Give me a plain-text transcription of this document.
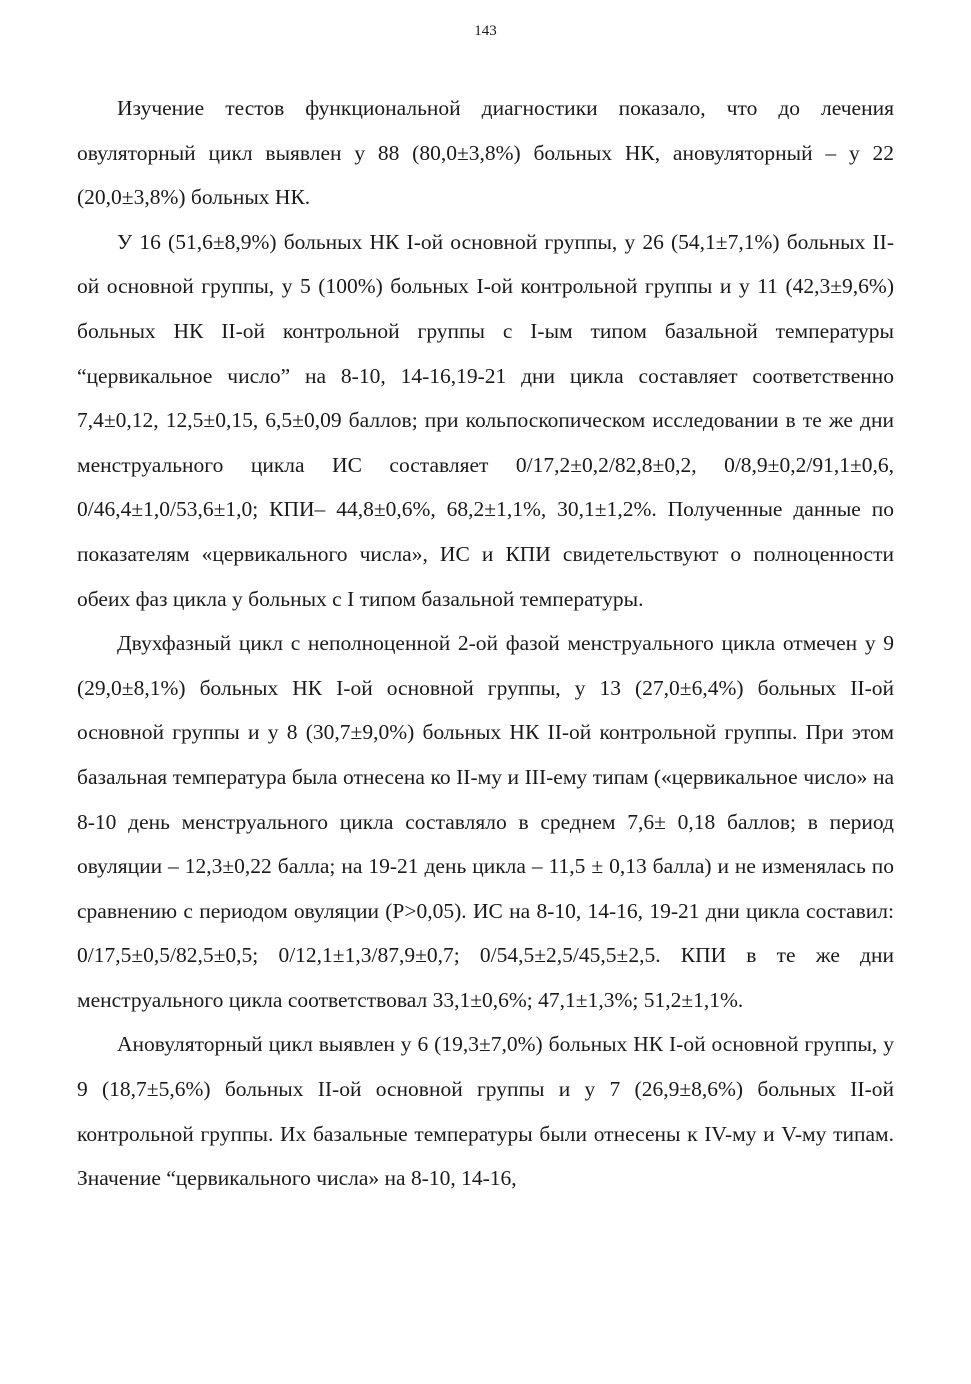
143

Изучение тестов функциональной диагностики показало, что до лечения овуляторный цикл выявлен у 88 (80,0±3,8%) больных НК, ановуляторный – у 22 (20,0±3,8%) больных НК.

У 16 (51,6±8,9%) больных НК I-ой основной группы, у 26 (54,1±7,1%) больных II-ой основной группы, у 5 (100%) больных I-ой контрольной группы и у 11 (42,3±9,6%) больных НК II-ой контрольной группы с I-ым типом базальной температуры “цервикальное число” на 8-10, 14-16,19-21 дни цикла составляет соответственно 7,4±0,12, 12,5±0,15, 6,5±0,09 баллов; при кольпоскопическом исследовании в те же дни менструального цикла ИС составляет 0/17,2±0,2/82,8±0,2, 0/8,9±0,2/91,1±0,6, 0/46,4±1,0/53,6±1,0; КПИ– 44,8±0,6%, 68,2±1,1%, 30,1±1,2%. Полученные данные по показателям «цервикального числа», ИС и КПИ свидетельствуют о полноценности обеих фаз цикла у больных с I типом базальной температуры.

Двухфазный цикл с неполноценной 2-ой фазой менструального цикла отмечен у 9 (29,0±8,1%) больных НК I-ой основной группы, у 13 (27,0±6,4%) больных II-ой основной группы и у 8 (30,7±9,0%) больных НК II-ой контрольной группы. При этом базальная температура была отнесена ко II-му и III-ему типам («цервикальное число» на 8-10 день менструального цикла составляло в среднем 7,6± 0,18 баллов; в период овуляции – 12,3±0,22 балла; на 19-21 день цикла – 11,5 ± 0,13 балла) и не изменялась по сравнению с периодом овуляции (P>0,05). ИС на 8-10, 14-16, 19-21 дни цикла составил: 0/17,5±0,5/82,5±0,5; 0/12,1±1,3/87,9±0,7; 0/54,5±2,5/45,5±2,5. КПИ в те же дни менструального цикла соответствовал 33,1±0,6%; 47,1±1,3%; 51,2±1,1%.

Ановуляторный цикл выявлен у 6 (19,3±7,0%) больных НК I-ой основной группы, у 9 (18,7±5,6%) больных II-ой основной группы и у 7 (26,9±8,6%) больных II-ой контрольной группы. Их базальные температуры были отнесены к IV-му и V-му типам. Значение “цервикального числа» на 8-10, 14-16,
